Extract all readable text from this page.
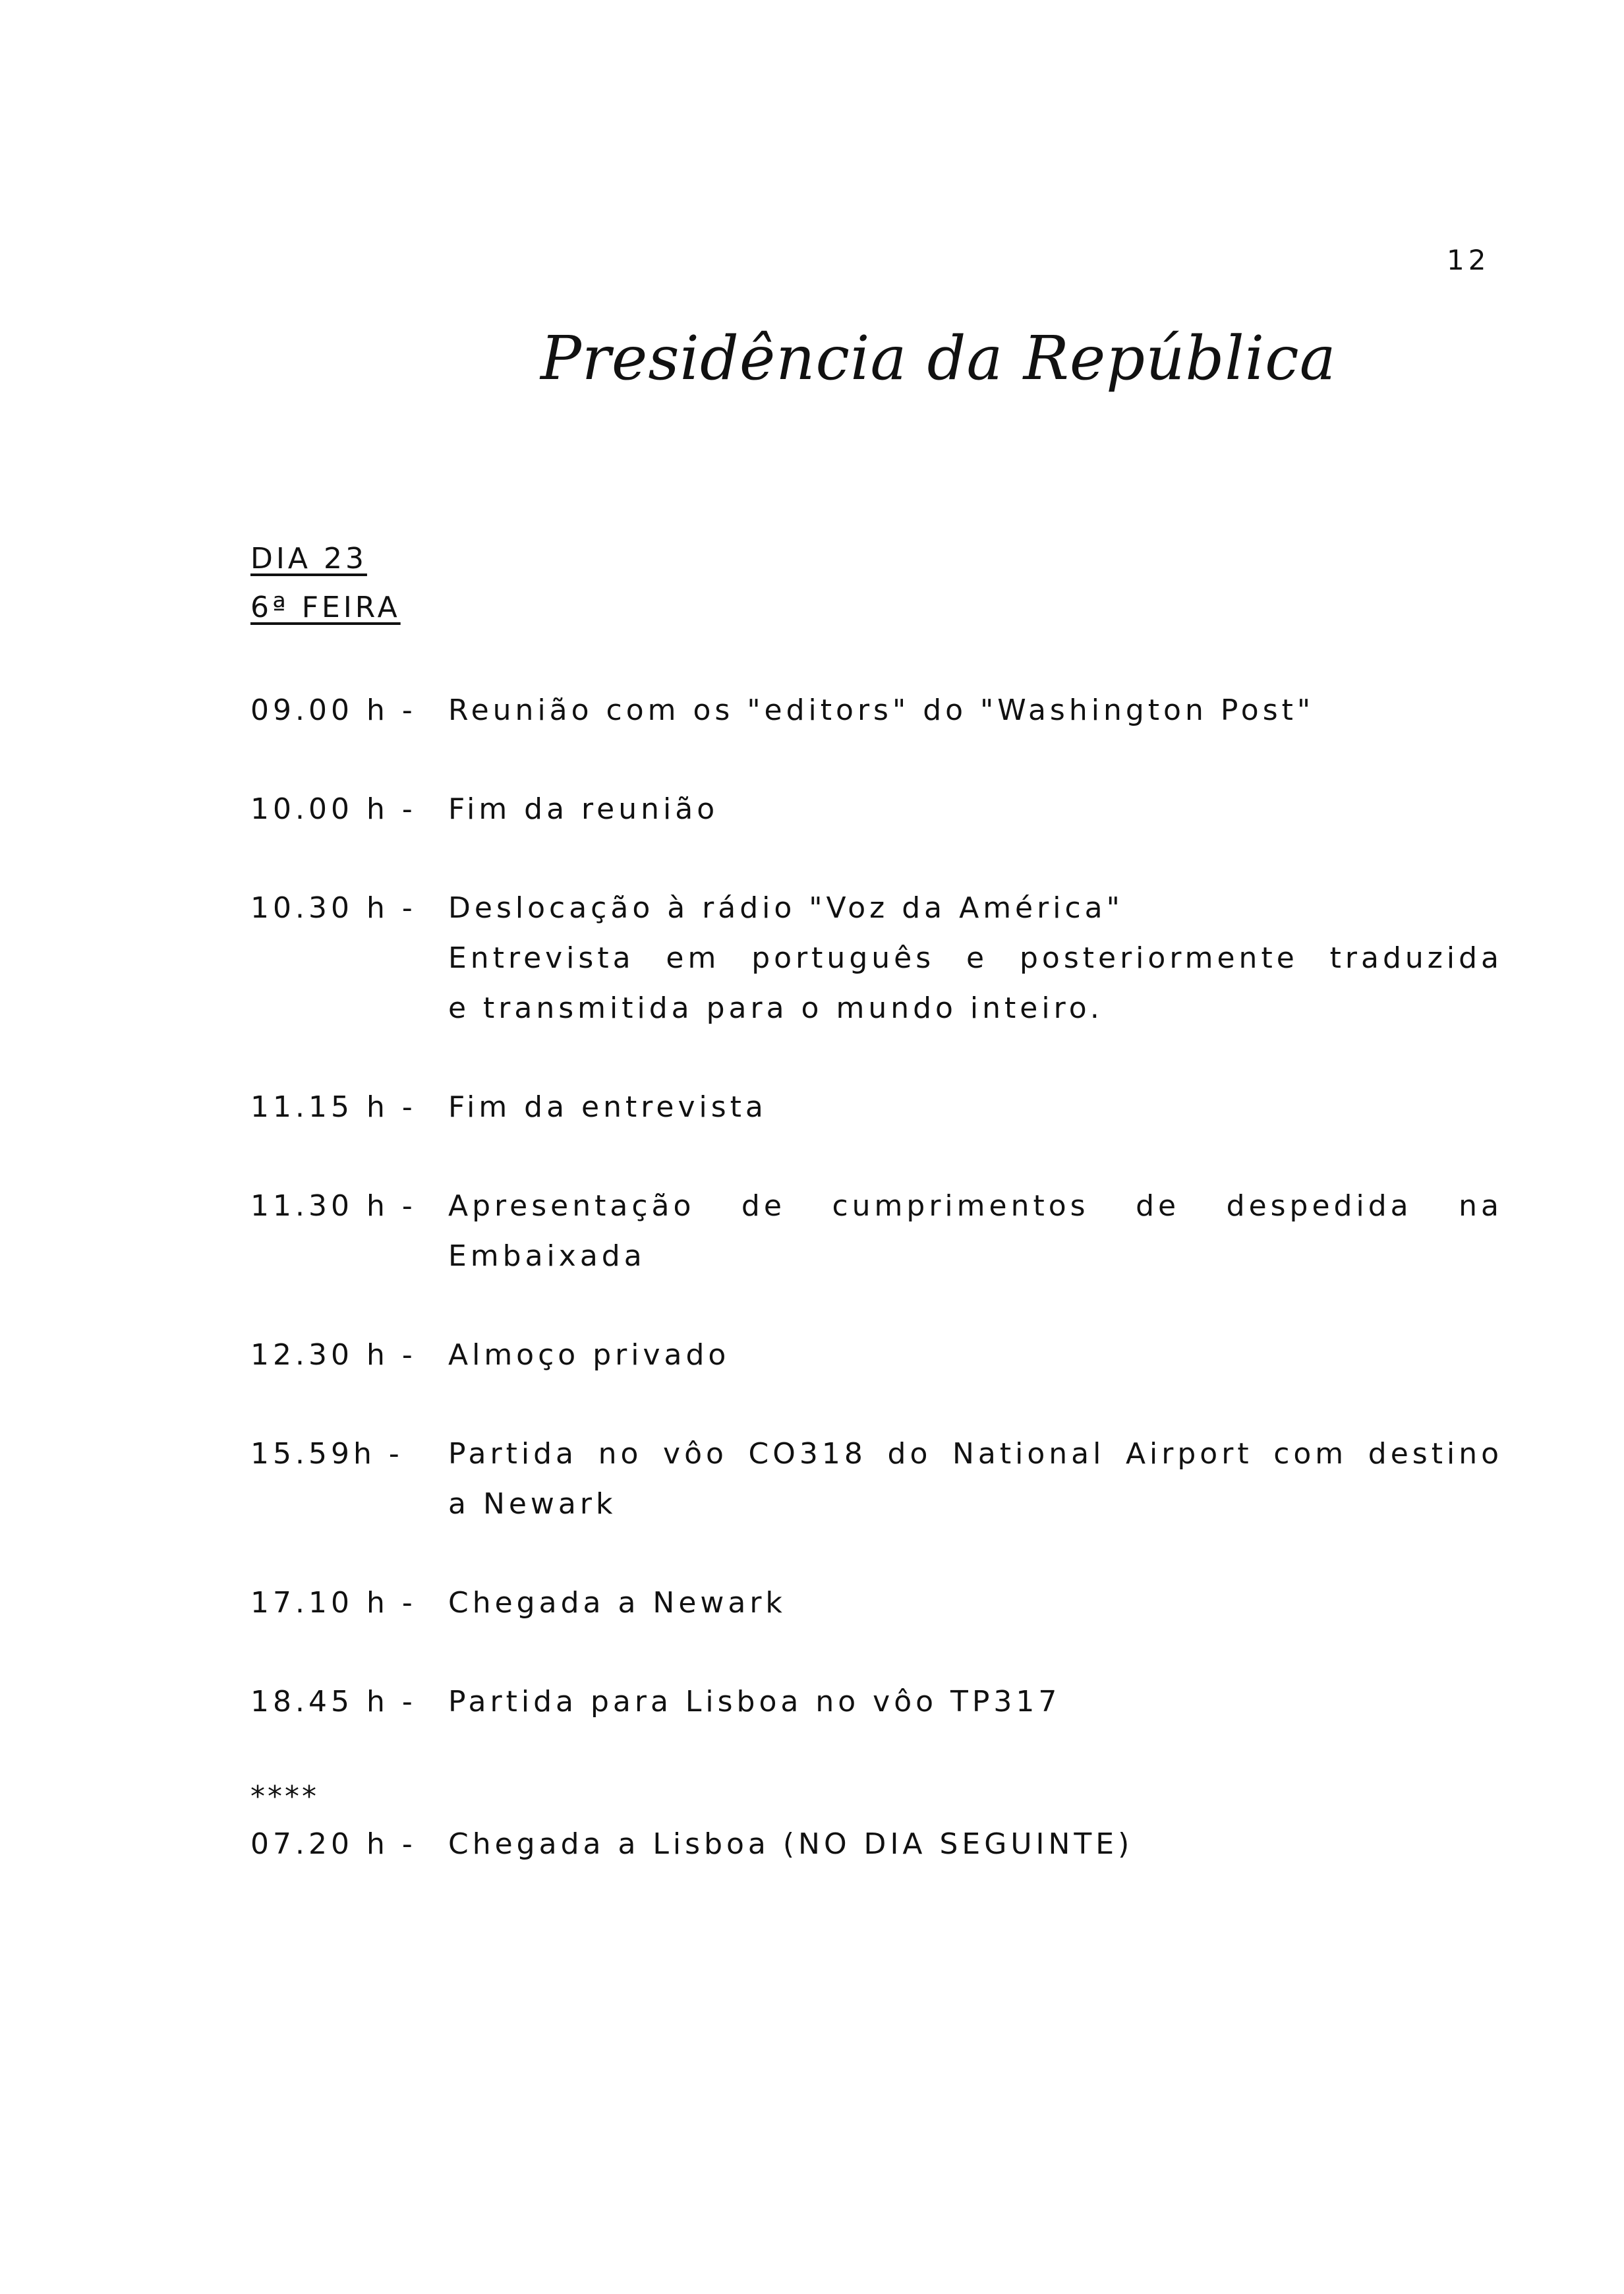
12
Presidência da República
DIA 23
6ª FEIRA
09.00 h - Reunião com os "editors" do "Washington Post"
10.00 h - Fim da reunião
10.30 h - Deslocação à rádio "Voz da América"
Entrevista em português e posteriormente traduzida
e transmitida para o mundo inteiro.
11.15 h - Fim da entrevista
11.30 h - Apresentação de cumprimentos de despedida na
Embaixada
12.30 h - Almoço privado
15.59h - Partida no vôo CO318 do National Airport com destino
a Newark
17.10 h - Chegada a Newark
18.45 h - Partida para Lisboa no vôo TP317
****
07.20 h - Chegada a Lisboa (NO DIA SEGUINTE)
